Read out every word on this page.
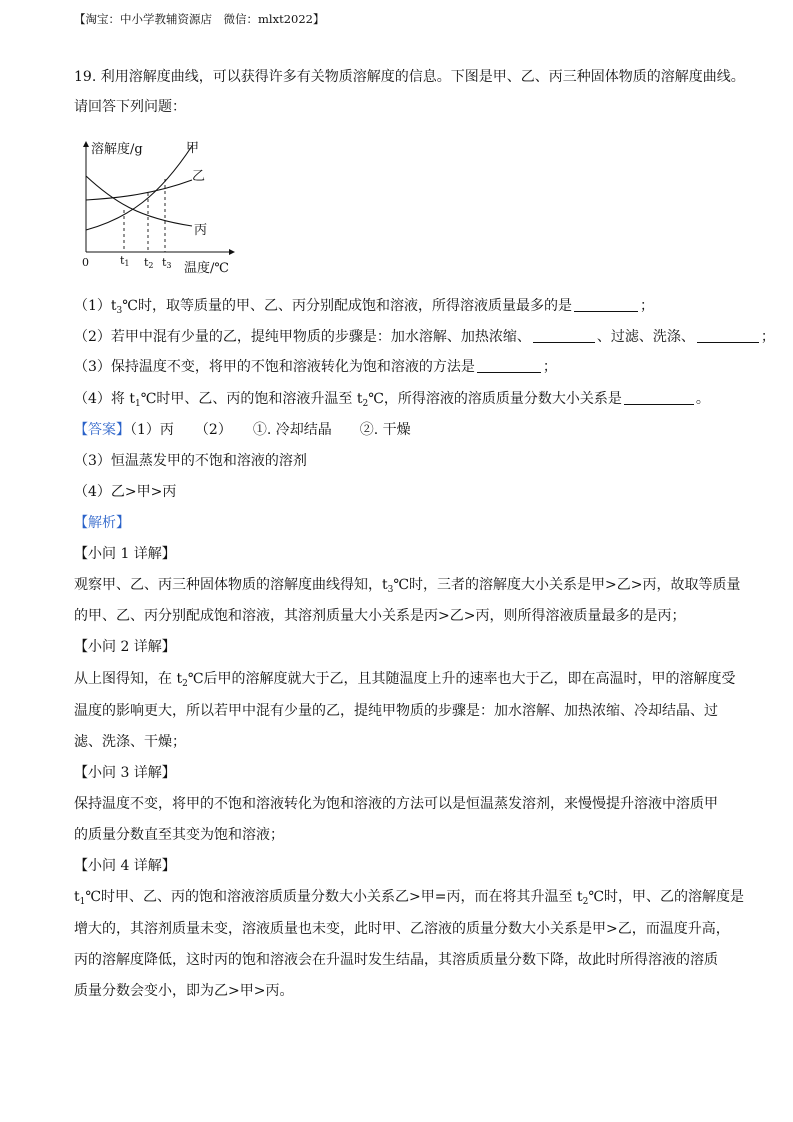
【淘宝：中小学教辅资源店　微信：mlxt2022】
19. 利用溶解度曲线，可以获得许多有关物质溶解度的信息。下图是甲、乙、丙三种固体物质的溶解度曲线。
请回答下列问题：
溶解度/g
温度/℃
0	t1 t2 t3
甲
乙
丙
$(1)t_3℃$时，取等质量的甲、乙、丙分别配成饱和溶液，所得溶液质量最多的是	；
（2）若甲中混有少量的乙，提纯甲物质的步骤是：加水溶解、加热浓缩、	、过滤、洗涤、	；
（3）保持温度不变，将甲的不饱和溶液转化为饱和溶液的方法是	；
（4）将 $t_1℃$时甲、乙、丙的饱和溶液升温至 $t_2℃$，所得溶液的溶质质量分数大小关系是	。
【答案】（1）丙　　（2）　　①. 冷却结晶　　②. 干燥
（3）恒温蒸发甲的不饱和溶液的溶剂
（4）乙>甲>丙
【解析】
【小问 1 详解】
观察甲、乙、丙三种固体物质的溶解度曲线得知，$t_3℃$时，三者的溶解度大小关系是甲>乙>丙，故取等质量
的甲、乙、丙分别配成饱和溶液，其溶剂质量大小关系是丙>乙>丙，则所得溶液质量最多的是丙；
【小问 2 详解】
从上图得知，在 $t_2℃$后甲的溶解度就大于乙，且其随温度上升的速率也大于乙，即在高温时，甲的溶解度受
温度的影响更大，所以若甲中混有少量的乙，提纯甲物质的步骤是：加水溶解、加热浓缩、冷却结晶、过
滤、洗涤、干燥；
【小问 3 详解】
保持温度不变，将甲的不饱和溶液转化为饱和溶液的方法可以是恒温蒸发溶剂，来慢慢提升溶液中溶质甲
的质量分数直至其变为饱和溶液；
【小问 4 详解】
$t_1℃$时甲、乙、丙的饱和溶液溶质质量分数大小关系乙>甲=丙，而在将其升温至 $t_2℃$时，甲、乙的溶解度是
增大的，其溶剂质量未变，溶液质量也未变，此时甲、乙溶液的质量分数大小关系是甲>乙，而温度升高，
丙的溶解度降低，这时丙的饱和溶液会在升温时发生结晶，其溶质质量分数下降，故此时所得溶液的溶质
质量分数会变小，即为乙>甲>丙。
